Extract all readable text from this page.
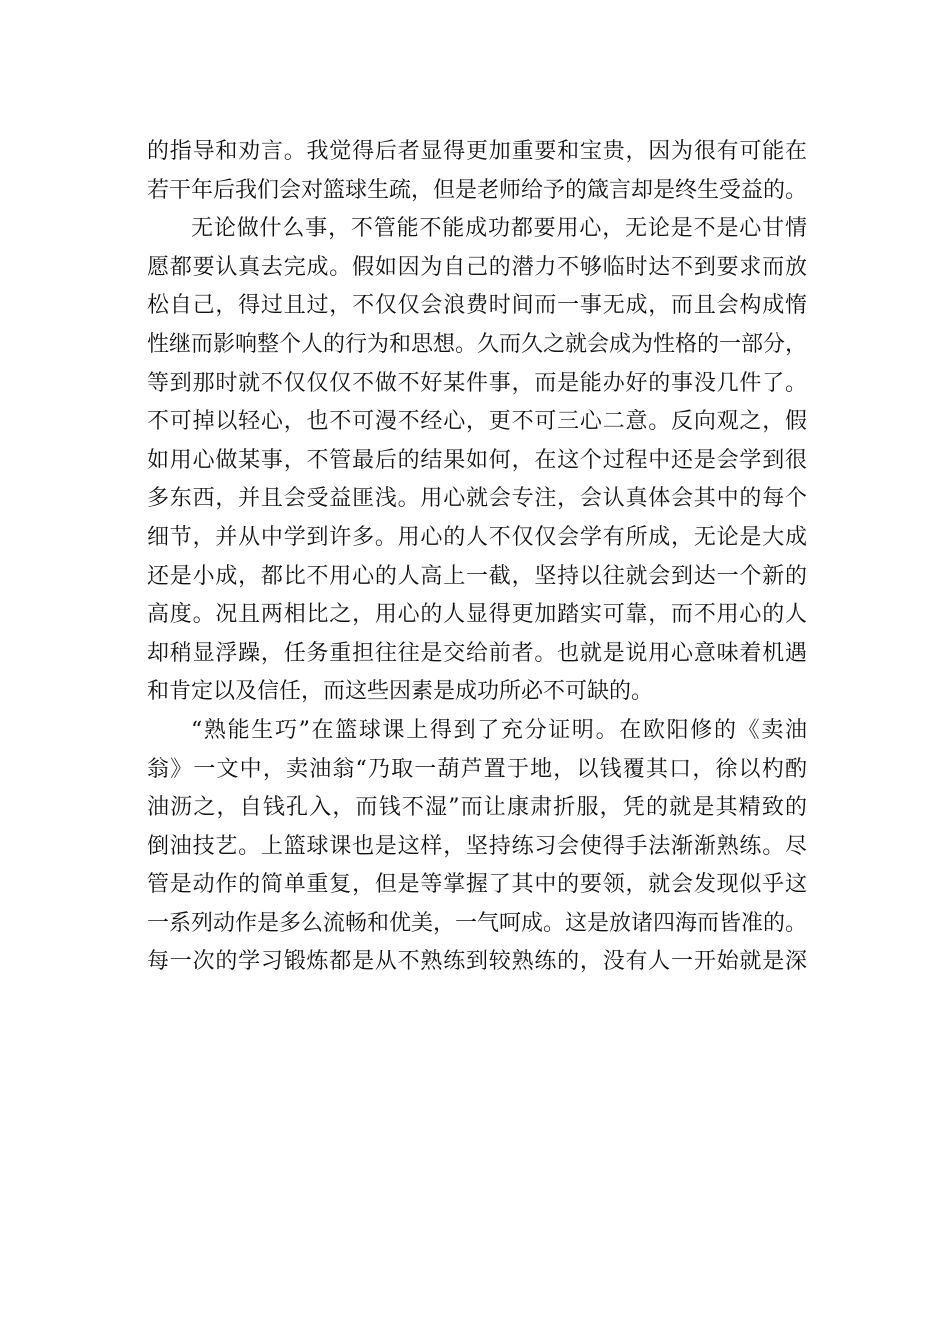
的指导和劝言。我觉得后者显得更加重要和宝贵，因为很有可能在
若干年后我们会对篮球生疏，但是老师给予的箴言却是终生受益的。
无论做什么事，不管能不能成功都要用心，无论是不是心甘情
愿都要认真去完成。假如因为自己的潜力不够临时达不到要求而放
松自己，得过且过，不仅仅会浪费时间而一事无成，而且会构成惰
性继而影响整个人的行为和思想。久而久之就会成为性格的一部分，
等到那时就不仅仅仅不做不好某件事，而是能办好的事没几件了。
不可掉以轻心，也不可漫不经心，更不可三心二意。反向观之，假
如用心做某事，不管最后的结果如何，在这个过程中还是会学到很
多东西，并且会受益匪浅。用心就会专注，会认真体会其中的每个
细节，并从中学到许多。用心的人不仅仅会学有所成，无论是大成
还是小成，都比不用心的人高上一截，坚持以往就会到达一个新的
高度。况且两相比之，用心的人显得更加踏实可靠，而不用心的人
却稍显浮躁，任务重担往往是交给前者。也就是说用心意味着机遇
和肯定以及信任，而这些因素是成功所必不可缺的。
“熟能生巧”在篮球课上得到了充分证明。在欧阳修的《卖油
翁》一文中，卖油翁“乃取一葫芦置于地，以钱覆其口，徐以杓酌
油沥之，自钱孔入，而钱不湿”而让康肃折服，凭的就是其精致的
倒油技艺。上篮球课也是这样，坚持练习会使得手法渐渐熟练。尽
管是动作的简单重复，但是等掌握了其中的要领，就会发现似乎这
一系列动作是多么流畅和优美，一气呵成。这是放诸四海而皆准的。
每一次的学习锻炼都是从不熟练到较熟练的，没有人一开始就是深
